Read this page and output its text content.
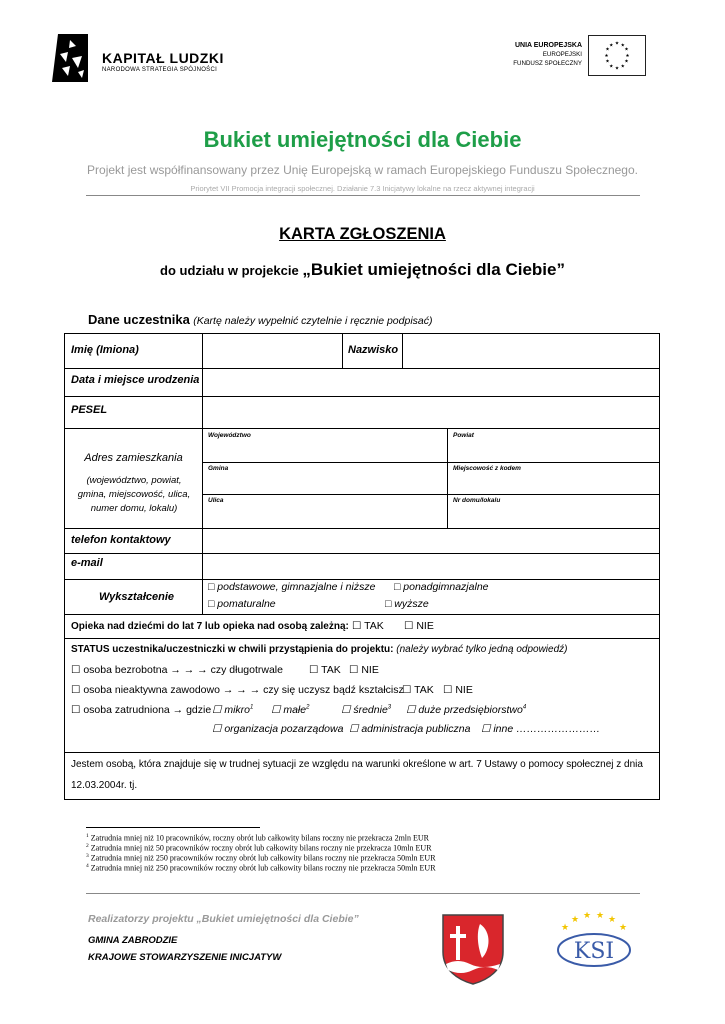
KAPITAŁ LUDZKI
NARODOWA STRATEGIA SPÓJNOŚCI
UNIA EUROPEJSKA
EUROPEJSKI
FUNDUSZ SPOŁECZNY
★ ★
★
★
★
★
★
★
★
★
★
★
Bukiet umiejętności dla Ciebie
Projekt jest współfinansowany przez Unię Europejską w ramach Europejskiego Funduszu Społecznego.
Priorytet VII Promocja integracji społecznej. Działanie 7.3 Inicjatywy lokalne na rzecz aktywnej integracji
KARTA ZGŁOSZENIA
do udziału w projekcie „Bukiet umiejętności dla Ciebie”
Dane uczestnika (Kartę należy wypełnić czytelnie i ręcznie podpisać)
Imię (Imiona)	Nazwisko
Data i miejsce urodzenia
PESEL
Adres zamieszkania
(województwo, powiat, gmina, miejscowość, ulica, numer domu, lokalu)
Województwo	Powiat
Gmina	Miejscowość z kodem
Ulica	Nr domu/lokalu
telefon kontaktowy
e-mail
Wykształcenie
□ podstawowe, gimnazjalne i niższe □ ponadgimnazjalne
□ pomaturalne	□ wyższe
Opieka nad dziećmi do lat 7 lub opieka nad osobą zależną: ☐ TAK ☐ NIE
STATUS uczestnika/uczestniczki w chwili przystąpienia do projektu: (należy wybrać tylko jedną odpowiedź)
☐ osoba bezrobotna → → → czy długotrwale ☐ TAK ☐ NIE
☐ osoba nieaktywna zawodowo → → → czy się uczysz bądź kształcisz
☐ TAK ☐ NIE
☐ osoba zatrudniona → gdzie ☐ mikro$^1$ ☐ małe$^2$	☐ średnie$^3$ ☐ duże przedsiębiorstwo$^4$
☐ organizacja pozarządowa ☐ administracja publiczna ☐ inne ……………………
Jestem osobą, która znajduje się w trudnej sytuacji ze względu na warunki określone w art. 7 Ustawy o pomocy społecznej z dnia
12.03.2004r. tj.
$^1$ Zatrudnia mniej niż 10 pracowników, roczny obrót lub całkowity bilans roczny nie przekracza 2mln EUR
$^2$ Zatrudnia mniej niż 50 pracowników roczny obrót lub całkowity bilans roczny nie przekracza 10mln EUR
$^3$ Zatrudnia mniej niż 250 pracowników roczny obrót lub całkowity bilans roczny nie przekracza 50mln EUR
$^4$ Zatrudnia mniej niż 250 pracowników roczny obrót lub całkowity bilans roczny nie przekracza 50mln EUR
Realizatorzy projektu „Bukiet umiejętności dla Ciebie”
GMINA ZABRODZIE
KRAJOWE STOWARZYSZENIE INICJATYW
★
★ ★ ★ ★
★
KSI
